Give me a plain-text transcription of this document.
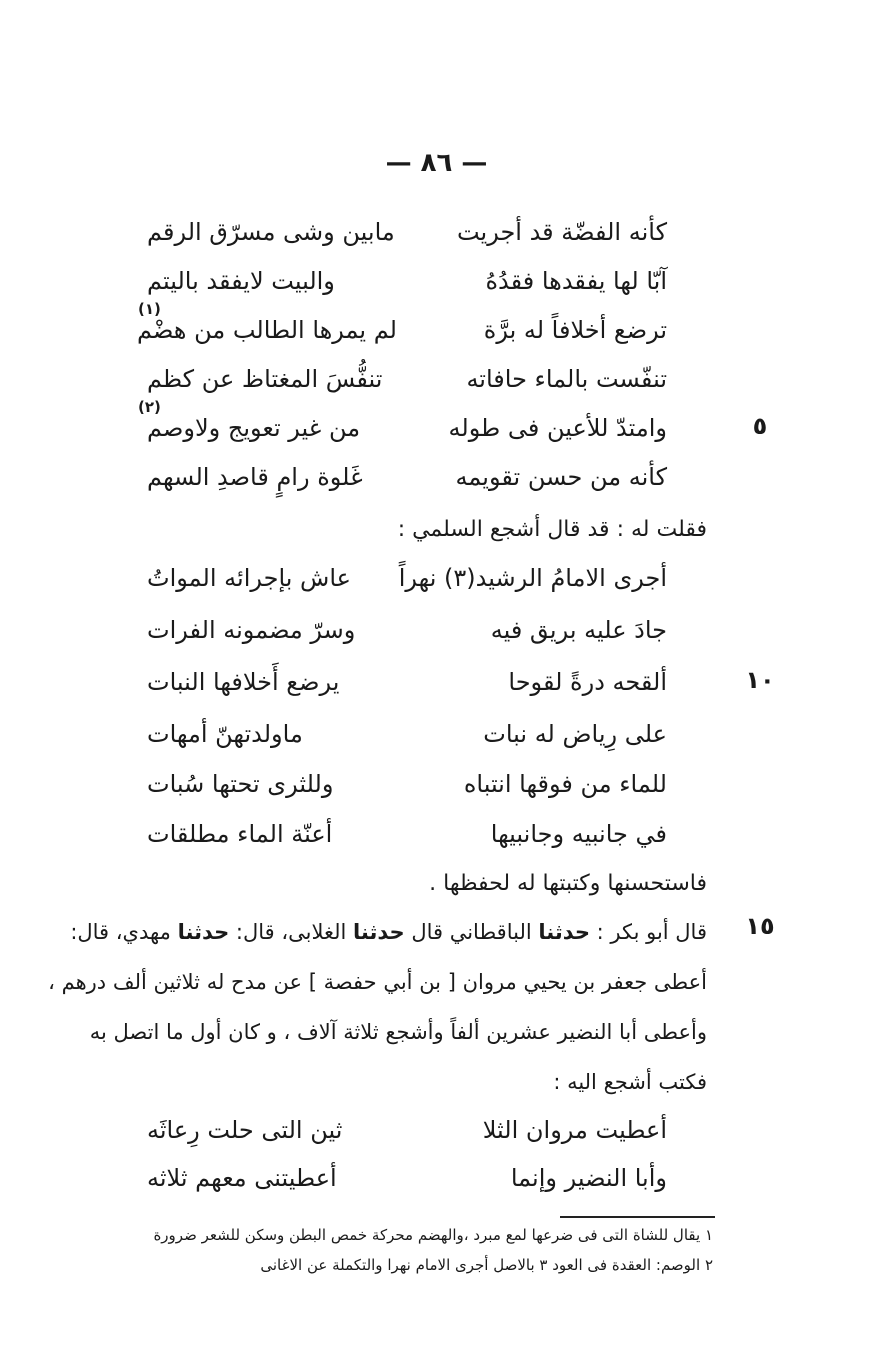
— ٨٦ —
كأنه الفضّة قد أجريت
مابين وشى مسرّق الرقم
آبّا لها يفقدها فقدُهُ
والبيت لايفقد باليتم
ترضع أخلافاً له برَّة
لم يمرها الطالب من هضْم
(١)
تنفّست بالماء حافاته
تنفُّسَ المغتاظ عن كظم
وامتدّ للأعين فى طوله
من غير تعويج ولاوصم
(٢)
٥
كأنه من حسن تقويمه
غَلوة رامٍ قاصدِ السهم
فقلت له : قد قال أشجع السلمي :
أجرى الامامُ الرشيد(٣) نهراً
عاش بإجرائه المواتُ
جادَ عليه بريق فيه
وسرّ مضمونه الفرات
ألقحه درةً لقوحا
يرضع أَخلافها النبات	١٠
على رِياض له نبات
ماولدتهنّ أمهات
للماء من فوقها انتباه
وللثرى تحتها سُبات
في جانبيه وجانبيها
أعنّة الماء مطلقات
فاستحسنها وكتبتها له لحفظها .
قال أبو بكر : حدثنا الباقطاني قال حدثنا الغلابى، قال: حدثنا مهدي، قال:	١٥
أعطى جعفر بن يحيي مروان [ بن أبي حفصة ] عن مدح له ثلاثين ألف درهم ،
وأعطى أبا النضير عشرين ألفاً وأشجع ثلاثة آلاف ، و كان أول ما اتصل به
فكتب أشجع اليه :
أعطيت مروان الثلا
ثين التى حلت رِعاثَه
وأبا النضير وإنما
أعطيتنى معهم ثلاثه
١ يقال للشاة التى فى ضرعها لمع مبرد ،والهضم محركة خمص البطن وسكن للشعر ضرورة
٢ الوصم: العقدة فى العود ٣ بالاصل أجرى الامام نهرا والتكملة عن الاغانى
